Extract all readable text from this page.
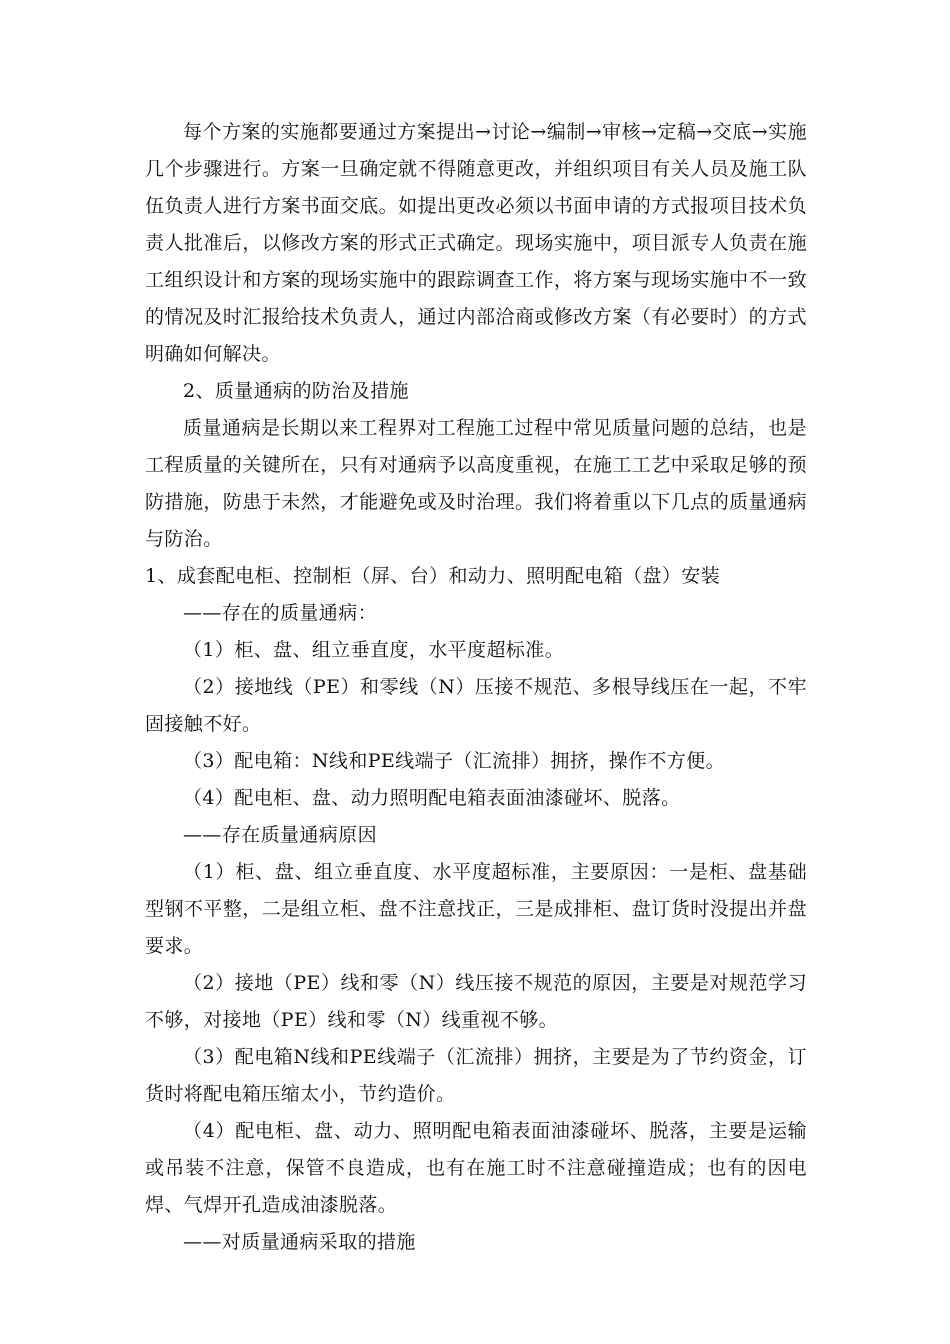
每个方案的实施都要通过方案提出→讨论→编制→审核→定稿→交底→实施几个步骤进行。方案一旦确定就不得随意更改，并组织项目有关人员及施工队伍负责人进行方案书面交底。如提出更改必须以书面申请的方式报项目技术负责人批准后，以修改方案的形式正式确定。现场实施中，项目派专人负责在施工组织设计和方案的现场实施中的跟踪调查工作，将方案与现场实施中不一致的情况及时汇报给技术负责人，通过内部洽商或修改方案（有必要时）的方式明确如何解决。

2、质量通病的防治及措施

质量通病是长期以来工程界对工程施工过程中常见质量问题的总结，也是工程质量的关键所在，只有对通病予以高度重视，在施工工艺中采取足够的预防措施，防患于未然，才能避免或及时治理。我们将着重以下几点的质量通病与防治。

1、成套配电柜、控制柜（屏、台）和动力、照明配电箱（盘）安装

——存在的质量通病：

（1）柜、盘、组立垂直度，水平度超标准。

（2）接地线（PE）和零线（N）压接不规范、多根导线压在一起，不牢固接触不好。

（3）配电箱：N线和PE线端子（汇流排）拥挤，操作不方便。

（4）配电柜、盘、动力照明配电箱表面油漆碰坏、脱落。

——存在质量通病原因

（1）柜、盘、组立垂直度、水平度超标准，主要原因：一是柜、盘基础型钢不平整，二是组立柜、盘不注意找正，三是成排柜、盘订货时没提出并盘要求。

（2）接地（PE）线和零（N）线压接不规范的原因，主要是对规范学习不够，对接地（PE）线和零（N）线重视不够。

（3）配电箱N线和PE线端子（汇流排）拥挤，主要是为了节约资金，订货时将配电箱压缩太小，节约造价。

（4）配电柜、盘、动力、照明配电箱表面油漆碰坏、脱落，主要是运输或吊装不注意，保管不良造成，也有在施工时不注意碰撞造成；也有的因电焊、气焊开孔造成油漆脱落。

——对质量通病采取的措施
